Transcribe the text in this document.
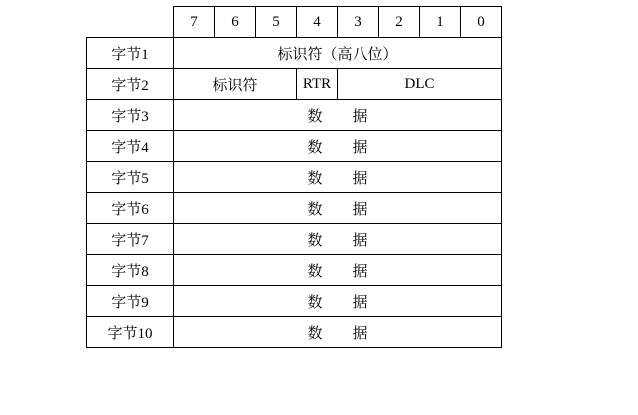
	7	6	5	4	3	2	1	0
字节1	标识符（高八位）							
字节2	标识符			RTR	DLC			
字节3	数　　据							
字节4	数　　据							
字节5	数　　据							
字节6	数　　据							
字节7	数　　据							
字节8	数　　据							
字节9	数　　据							
字节10	数　　据							
